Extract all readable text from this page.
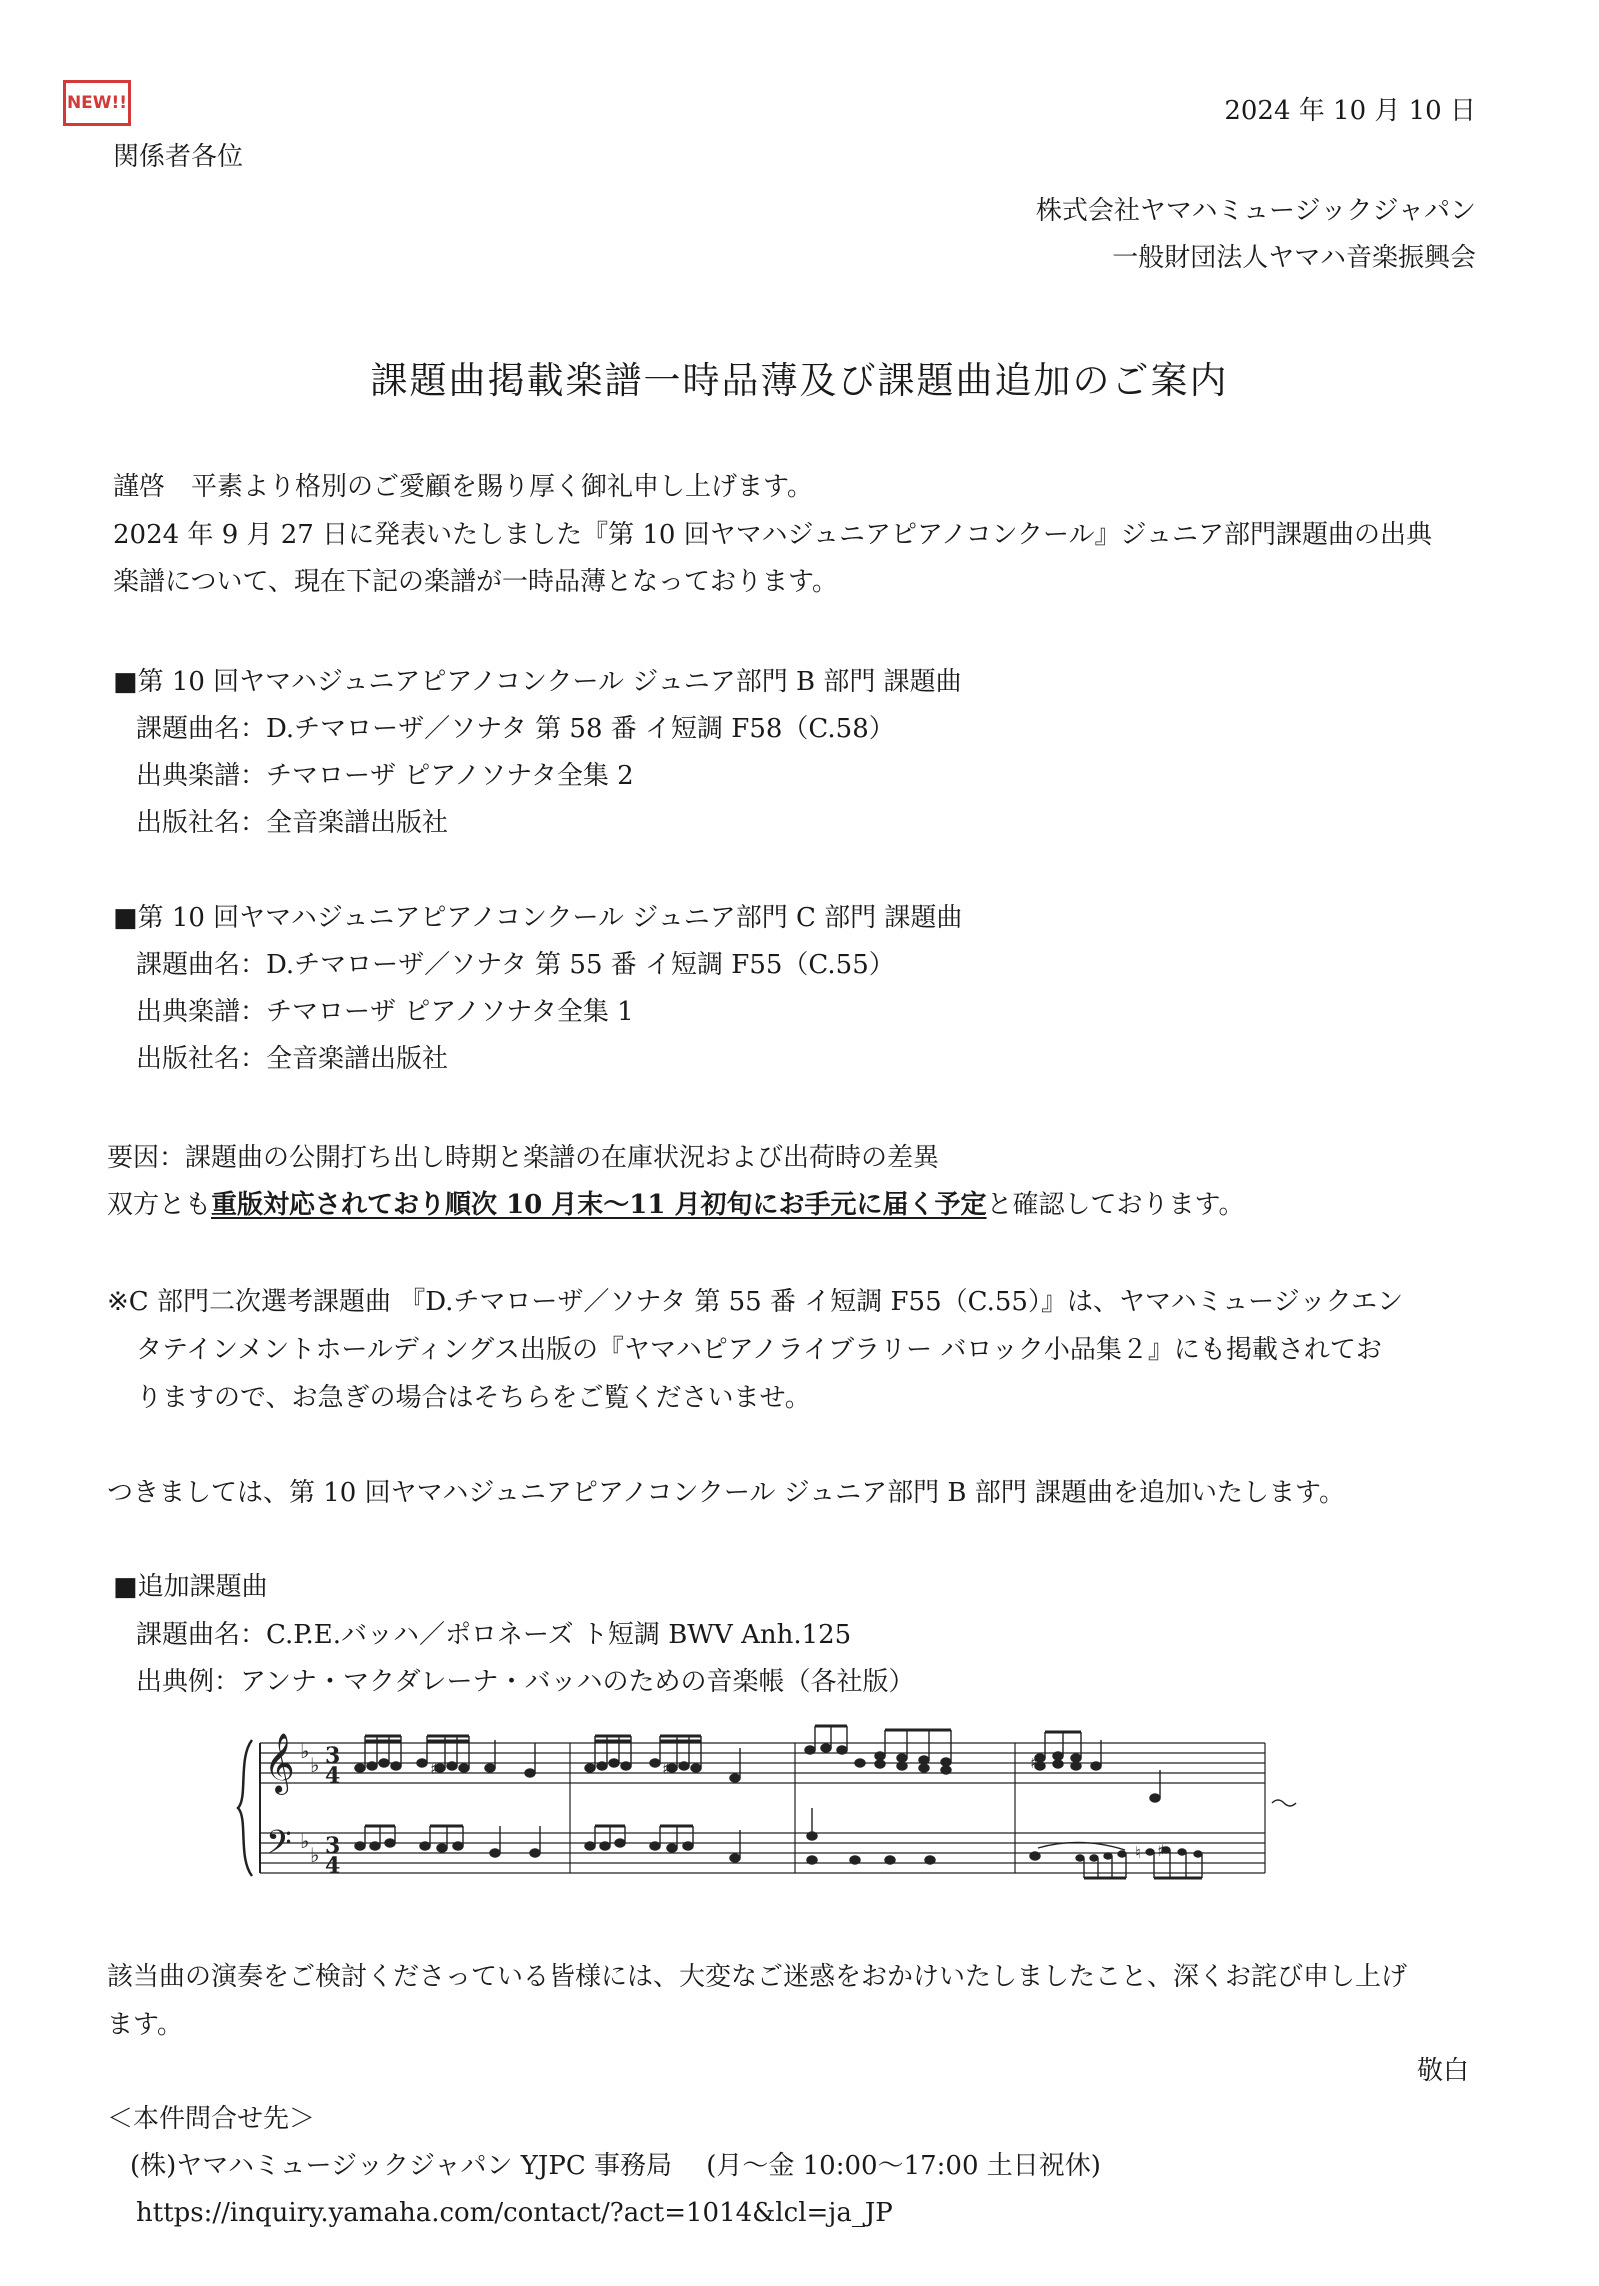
NEW!!	2024 年 10 月 10 日
関係者各位
株式会社ヤマハミュージックジャパン
一般財団法人ヤマハ音楽振興会
課題曲掲載楽譜一時品薄及び課題曲追加のご案内
謹啓　平素より格別のご愛顧を賜り厚く御礼申し上げます。
2024 年 9 月 27 日に発表いたしました『第 10 回ヤマハジュニアピアノコンクール』ジュニア部門課題曲の出典
楽譜について、現在下記の楽譜が一時品薄となっております。
■第 10 回ヤマハジュニアピアノコンクール ジュニア部門 B 部門 課題曲
課題曲名：D.チマローザ／ソナタ 第 58 番 イ短調 F58（C.58）
出典楽譜：チマローザ ピアノソナタ全集 2
出版社名：全音楽譜出版社
■第 10 回ヤマハジュニアピアノコンクール ジュニア部門 C 部門 課題曲
課題曲名：D.チマローザ／ソナタ 第 55 番 イ短調 F55（C.55）
出典楽譜：チマローザ ピアノソナタ全集 1
出版社名：全音楽譜出版社
要因：課題曲の公開打ち出し時期と楽譜の在庫状況および出荷時の差異
双方とも重版対応されており順次 10 月末～11 月初旬にお手元に届く予定と確認しております。
※C 部門二次選考課題曲 『D.チマローザ／ソナタ 第 55 番 イ短調 F55（C.55）』は、ヤマハミュージックエン
タテインメントホールディングス出版の『ヤマハピアノライブラリー バロック小品集２』にも掲載されてお
りますので、お急ぎの場合はそちらをご覧くださいませ。
つきましては、第 10 回ヤマハジュニアピアノコンクール ジュニア部門 B 部門 課題曲を追加いたします。
■追加課題曲
課題曲名：C.P.E.バッハ／ポロネーズ ト短調 BWV Anh.125
出典例：アンナ・マクダレーナ・バッハのための音楽帳（各社版）
𝄞
𝄢
♭
♭
♭
♭
3
4
3
4
♯	♯	♯
♮ ♯
該当曲の演奏をご検討くださっている皆様には、大変なご迷惑をおかけいたしましたこと、深くお詫び申し上げ
ます。
敬白
＜本件問合せ先＞
(株)ヤマハミュージックジャパン YJPC 事務局　 (月～金 10:00～17:00 土日祝休)
https://inquiry.yamaha.com/contact/?act=1014&lcl=ja_JP
